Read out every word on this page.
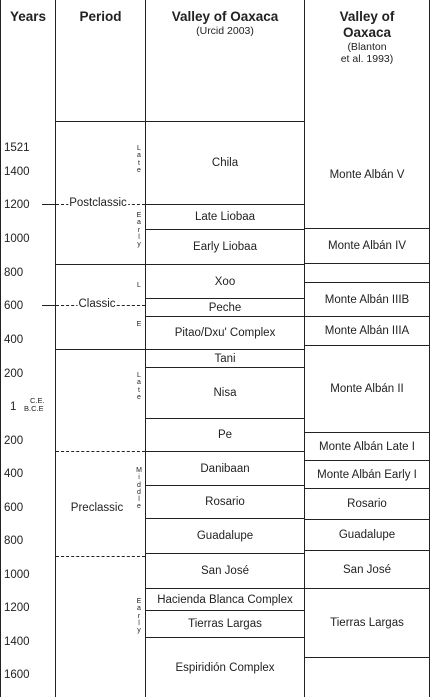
Years	Period	Valley of Oaxaca
(Urcid 2003)
Valley of
Oaxaca
(Blanton
et al. 1993)
1521
1400
1200
1000
800
600
400
200
1
C.E.
B.C.E
200
400
600
800
1000
1200
1400
1600
Postclassic
Classic
Preclassic
L
a
t
e
E
a
r
l
y
L
E
L
a
t
e
M
i
d
d
l
e
E
a
r
l
y
Chila
Late Liobaa
Early Liobaa
Xoo
Peche
Pitao/Dxu' Complex
Tani
Nisa
Pe
Danibaan
Rosario
Guadalupe
San José
Hacienda Blanca Complex
Tierras Largas
Espiridión Complex
Monte Albán V
Monte Albán IV
Monte Albán IIIB
Monte Albán IIIA
Monte Albán II
Monte Albán Late I
Monte Albán Early I
Rosario
Guadalupe
San José
Tierras Largas
